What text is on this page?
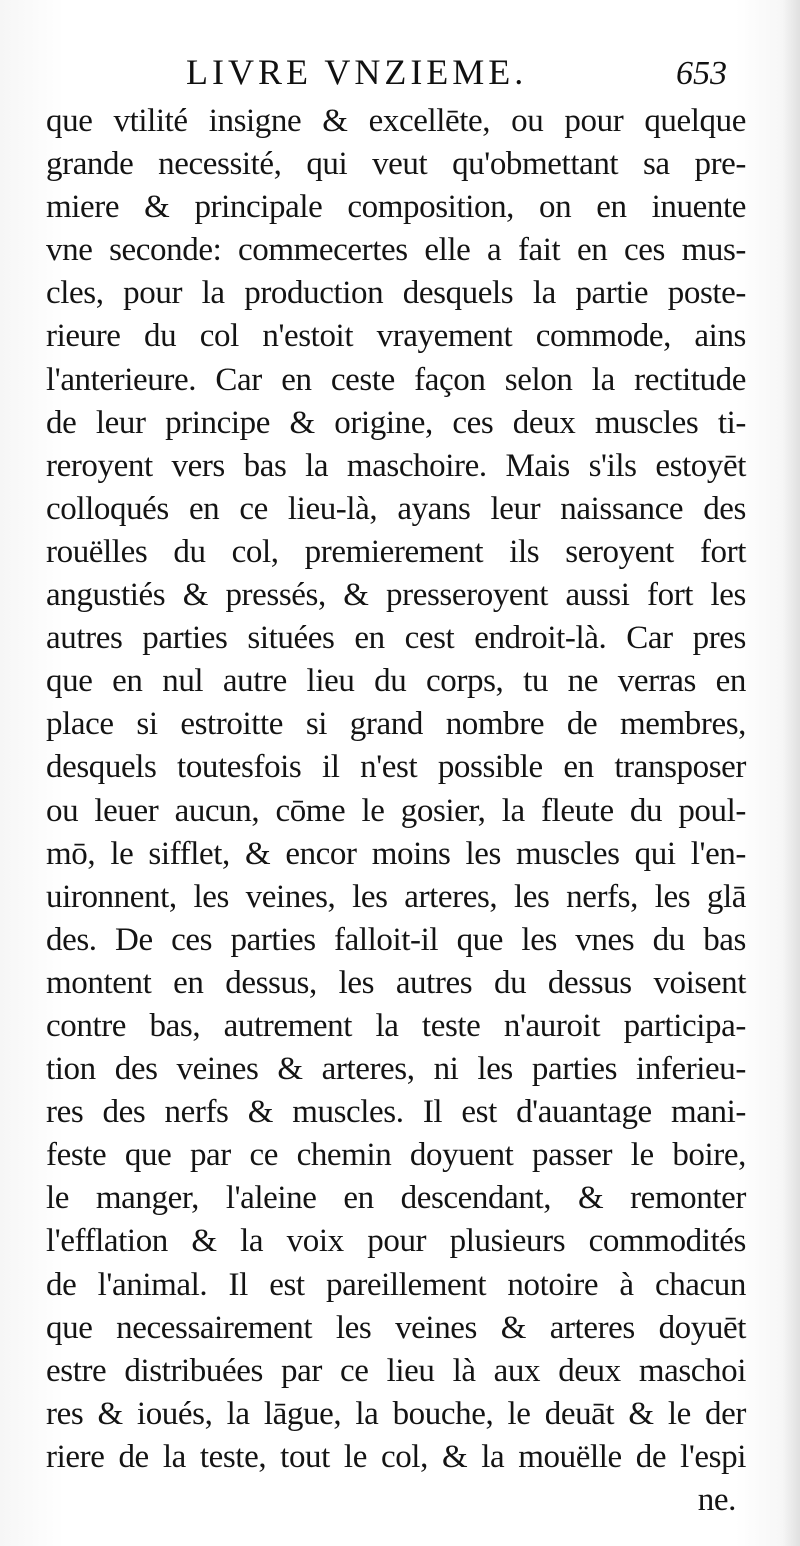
LIVRE VNZIEME.	653
que vtilité insigne & excellēte, ou pour quelque
grande necessité, qui veut qu'obmettant sa pre-
miere & principale composition, on en inuente
vne seconde: commecertes elle a fait en ces mus-
cles, pour la production desquels la partie poste-
rieure du col n'estoit vrayement commode, ains
l'anterieure. Car en ceste façon selon la rectitude
de leur principe & origine, ces deux muscles ti-
reroyent vers bas la maschoire. Mais s'ils estoyēt
colloqués en ce lieu-là, ayans leur naissance des
rouëlles du col, premierement ils seroyent fort
angustiés & pressés, & presseroyent aussi fort les
autres parties situées en cest endroit-là. Car pres
que en nul autre lieu du corps, tu ne verras en
place si estroitte si grand nombre de membres,
desquels toutesfois il n'est possible en transposer
ou leuer aucun, cōme le gosier, la fleute du poul-
mō, le sifflet, & encor moins les muscles qui l'en-
uironnent, les veines, les arteres, les nerfs, les glā
des. De ces parties falloit-il que les vnes du bas
montent en dessus, les autres du dessus voisent
contre bas, autrement la teste n'auroit participa-
tion des veines & arteres, ni les parties inferieu-
res des nerfs & muscles. Il est d'auantage mani-
feste que par ce chemin doyuent passer le boire,
le manger, l'aleine en descendant, & remonter
l'efflation & la voix pour plusieurs commodités
de l'animal. Il est pareillement notoire à chacun
que necessairement les veines & arteres doyuēt
estre distribuées par ce lieu là aux deux maschoi
res & ioués, la lāgue, la bouche, le deuāt & le der
riere de la teste, tout le col, & la mouëlle de l'espi
ne.
